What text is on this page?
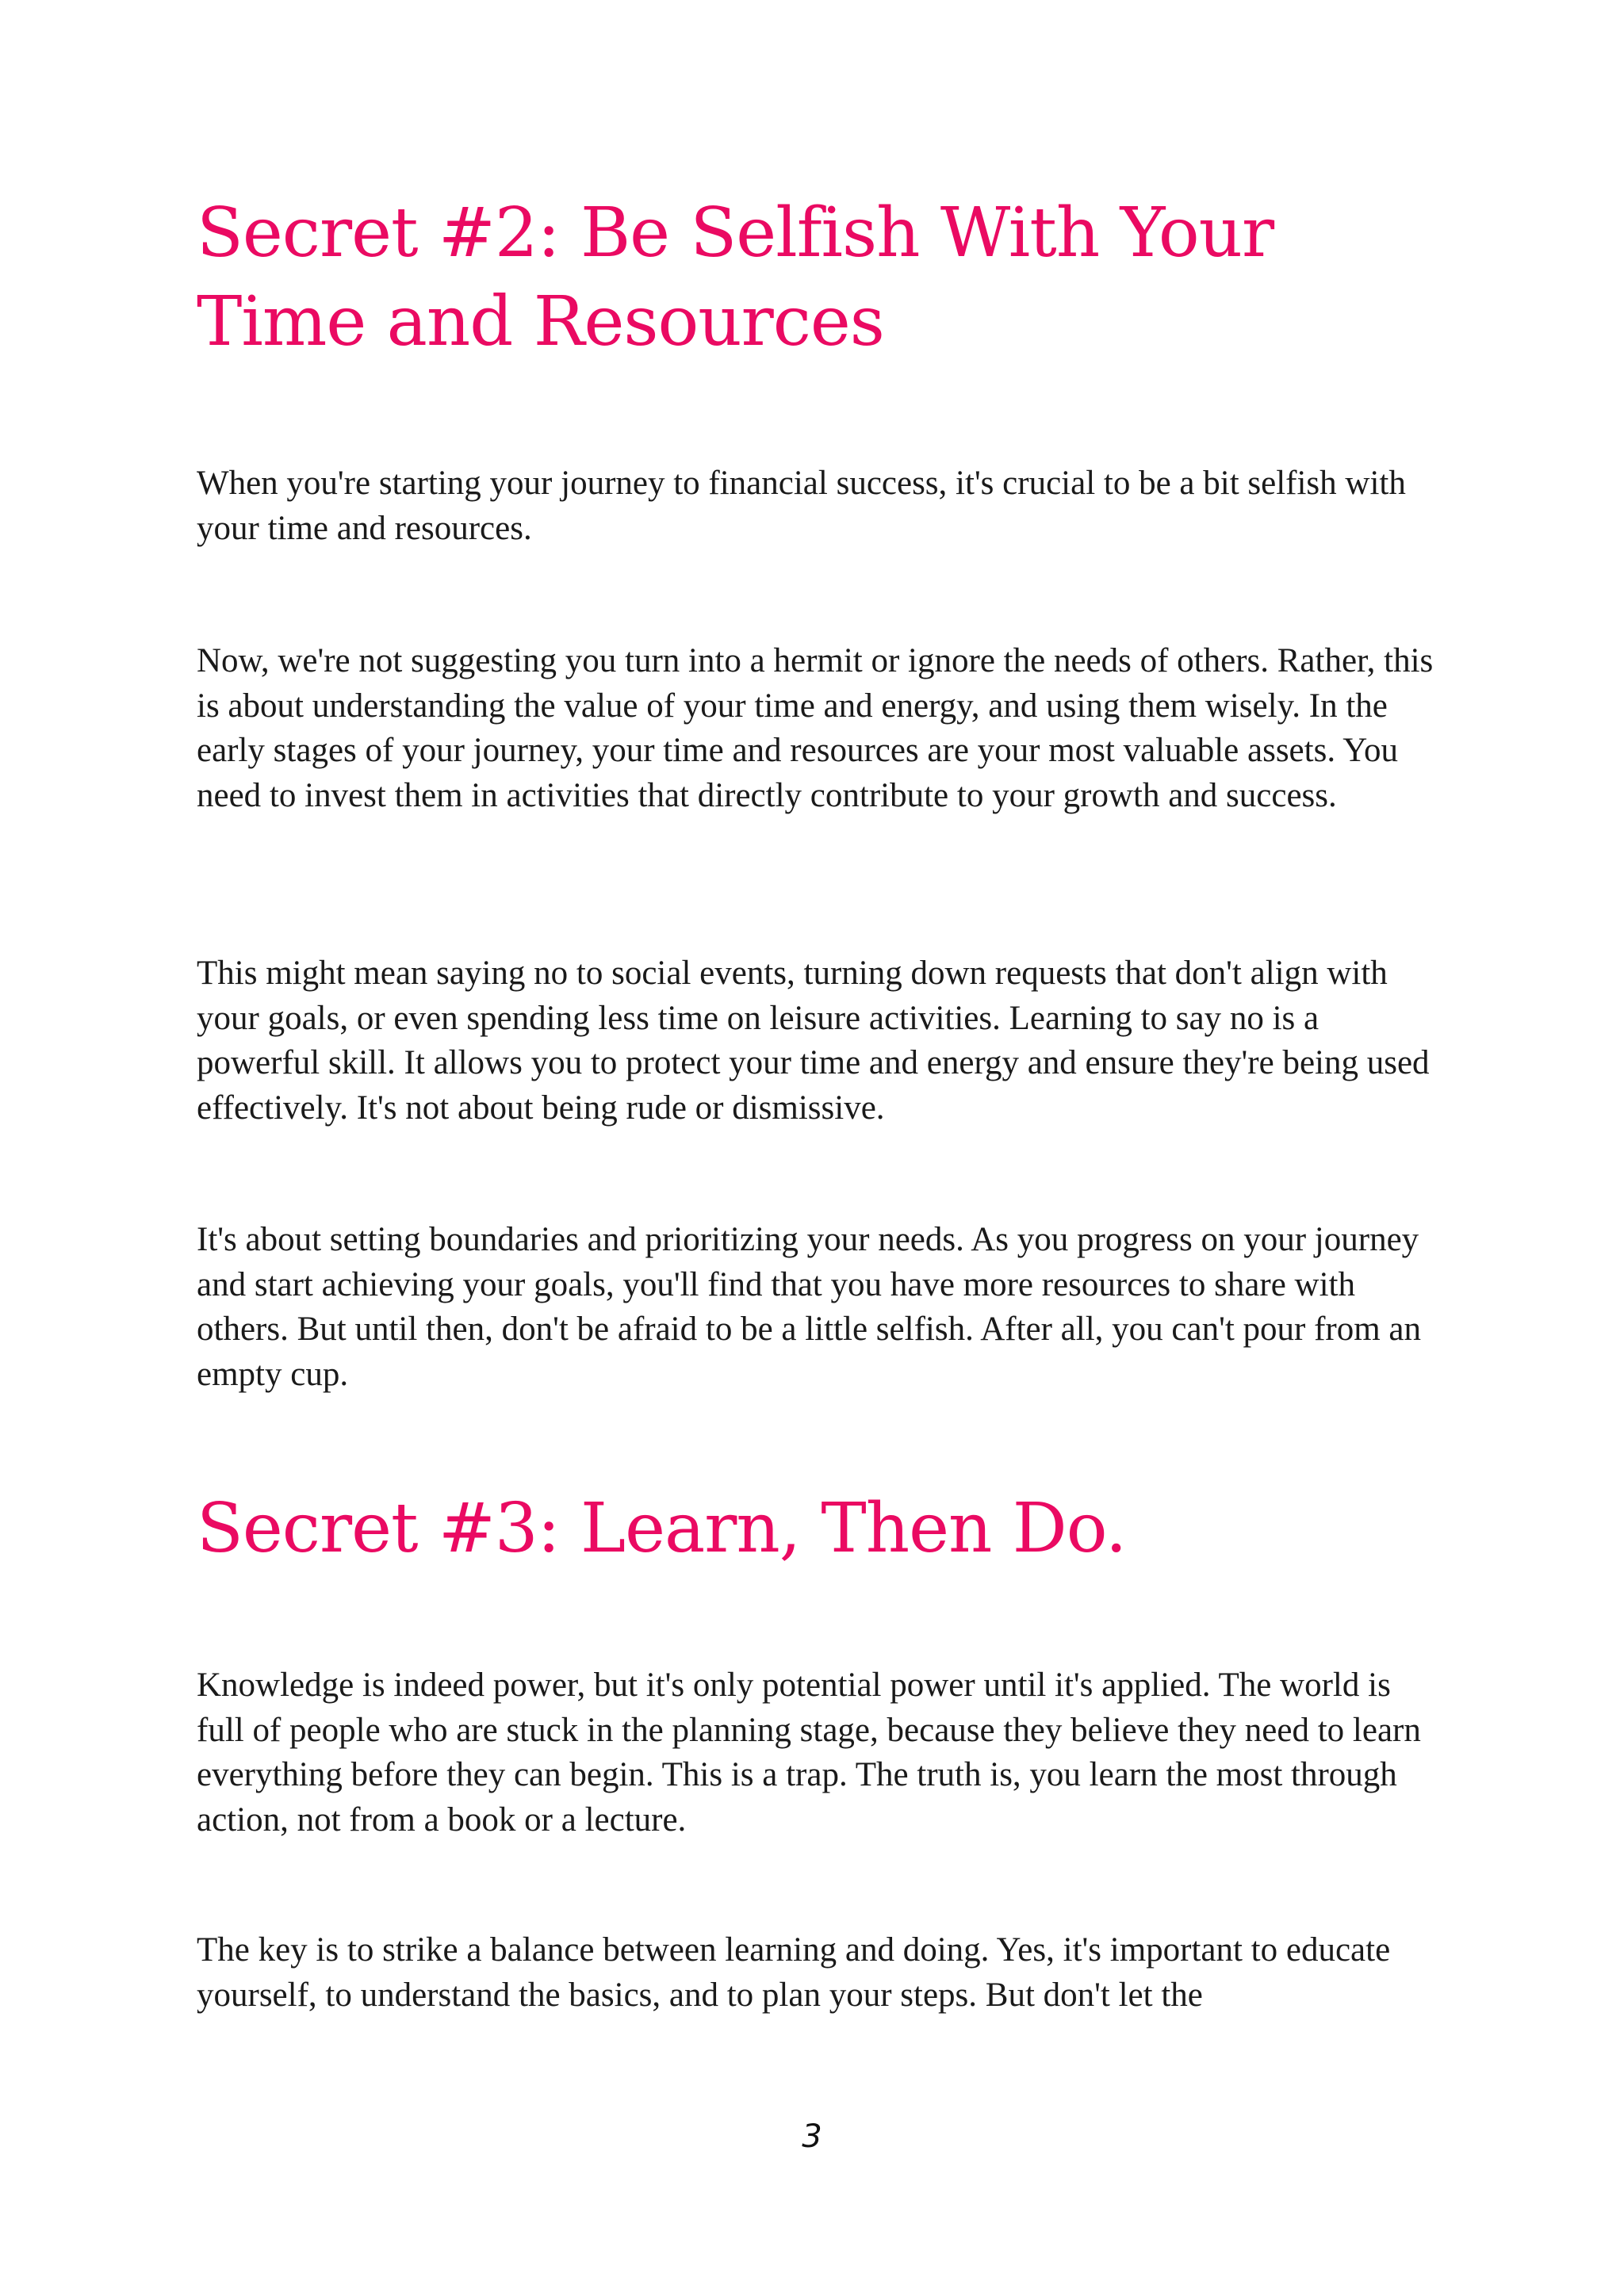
Secret #2: Be Selfish With Your Time and Resources

When you're starting your journey to financial success, it's crucial to be a bit selfish with your time and resources.

Now, we're not suggesting you turn into a hermit or ignore the needs of others. Rather, this is about understanding the value of your time and energy, and using them wisely. In the early stages of your journey, your time and resources are your most valuable assets. You need to invest them in activities that directly contribute to your growth and success.

This might mean saying no to social events, turning down requests that don't align with your goals, or even spending less time on leisure activities. Learning to say no is a powerful skill. It allows you to protect your time and energy and ensure they're being used effectively. It's not about being rude or dismissive.

It's about setting boundaries and prioritizing your needs. As you progress on your journey and start achieving your goals, you'll find that you have more resources to share with others. But until then, don't be afraid to be a little selfish. After all, you can't pour from an empty cup.

Secret #3: Learn, Then Do.

Knowledge is indeed power, but it's only potential power until it's applied. The world is full of people who are stuck in the planning stage, because they believe they need to learn everything before they can begin. This is a trap. The truth is, you learn the most through action, not from a book or a lecture.

The key is to strike a balance between learning and doing. Yes, it's important to educate yourself, to understand the basics, and to plan your steps. But don't let the

3
